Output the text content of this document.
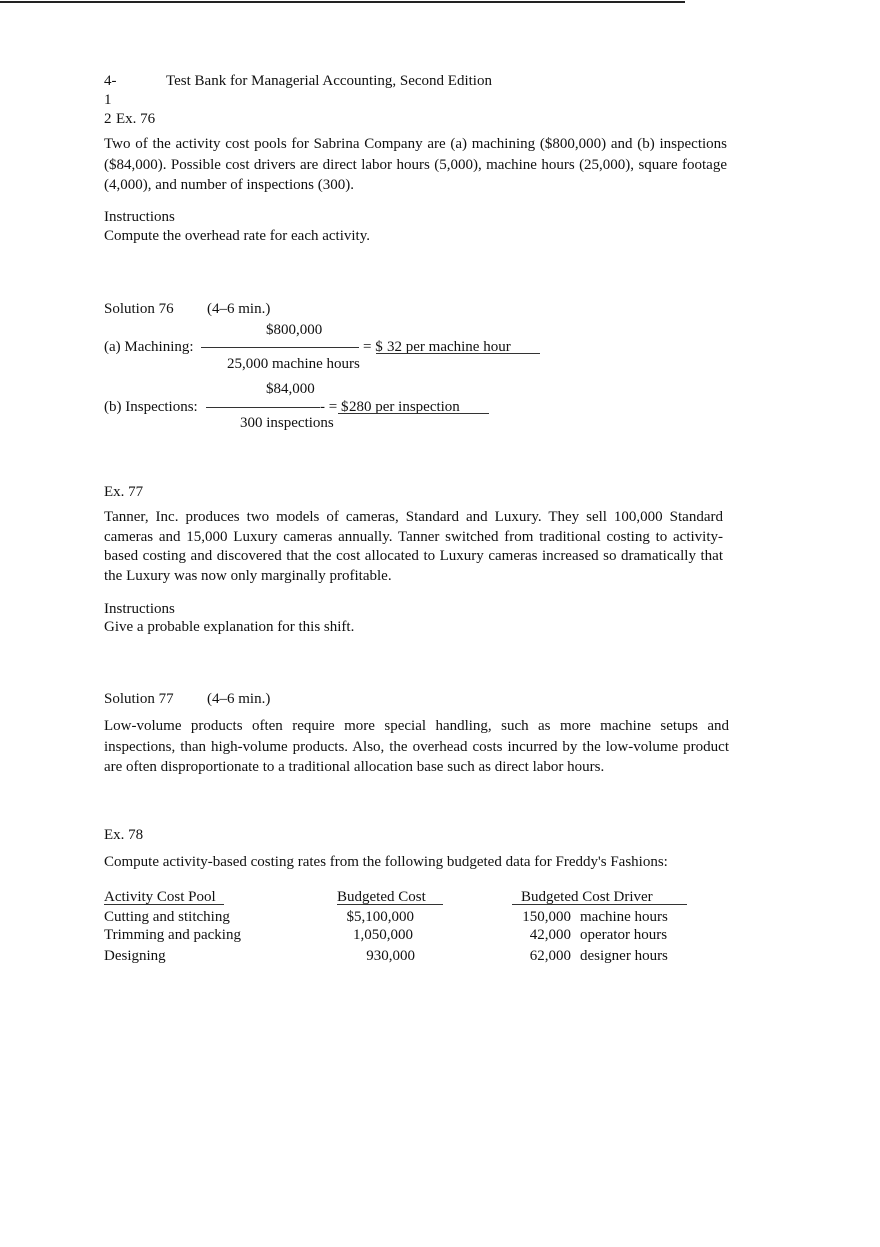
4-	Test Bank for Managerial Accounting, Second Edition
1
2 Ex. 76

Two of the activity cost pools for Sabrina Company are (a) machining ($800,000) and (b) inspections ($84,000). Possible cost drivers are direct labor hours (5,000), machine hours (25,000), square footage (4,000), and number of inspections (300).

Instructions
Compute the overhead rate for each activity.
Solution 76 (4–6 min.)
$800,000
(a) Machining:	= $ 32 per machine hour
25,000 machine hours
$84,000
(b) Inspections:	- = $ 280 per inspection
300 inspections
Ex. 77

Tanner, Inc. produces two models of cameras, Standard and Luxury. They sell 100,000 Standard cameras and 15,000 Luxury cameras annually. Tanner switched from traditional costing to activity-based costing and discovered that the cost allocated to Luxury cameras increased so dramatically that the Luxury was now only marginally profitable.

Instructions
Give a probable explanation for this shift.
Solution 77 (4–6 min.)

Low-volume products often require more special handling, such as more machine setups and inspections, than high-volume products. Also, the overhead costs incurred by the low-volume product are often disproportionate to a traditional allocation base such as direct labor hours.

Ex. 78
Compute activity-based costing rates from the following budgeted data for Freddy's Fashions:
Activity Cost Pool	Budgeted Cost	Budgeted Cost Driver
Cutting and stitching	$5,100,000	150,000 machine hours
Trimming and packing	1,050,000	42,000 operator hours
Designing	930,000	62,000 designer hours
